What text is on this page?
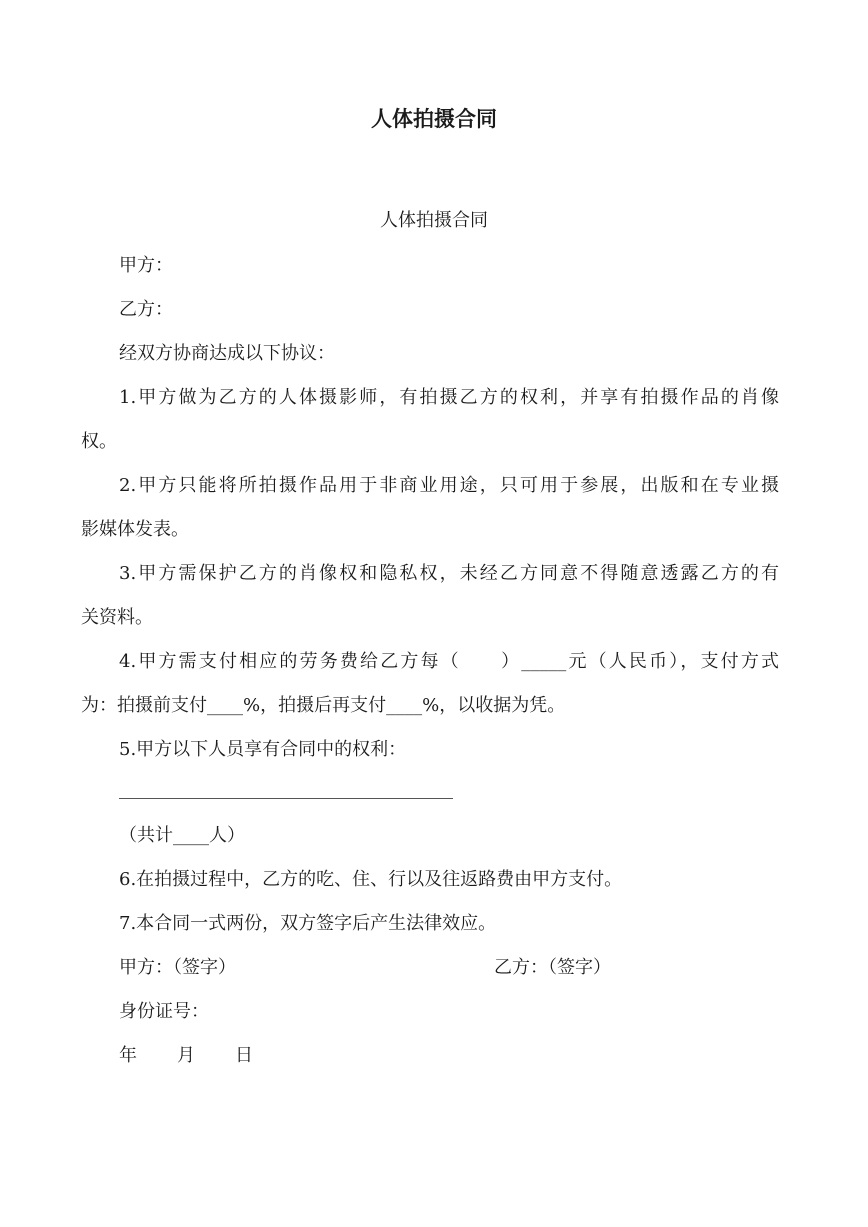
人体拍摄合同
人体拍摄合同
甲方：
乙方：
经双方协商达成以下协议：
1.甲方做为乙方的人体摄影师，有拍摄乙方的权利，并享有拍摄作品的肖像
权。
2.甲方只能将所拍摄作品用于非商业用途，只可用于参展，出版和在专业摄
影媒体发表。
3.甲方需保护乙方的肖像权和隐私权，未经乙方同意不得随意透露乙方的有
关资料。
4.甲方需支付相应的劳务费给乙方每（　　）_____元（人民币），支付方式
为：拍摄前支付____%，拍摄后再支付____%，以收据为凭。
5.甲方以下人员享有合同中的权利：
（共计____人）
6.在拍摄过程中，乙方的吃、住、行以及往返路费由甲方支付。
7.本合同一式两份，双方签字后产生法律效应。
甲方：（签字）	乙方：（签字）
身份证号：
年 月 日
